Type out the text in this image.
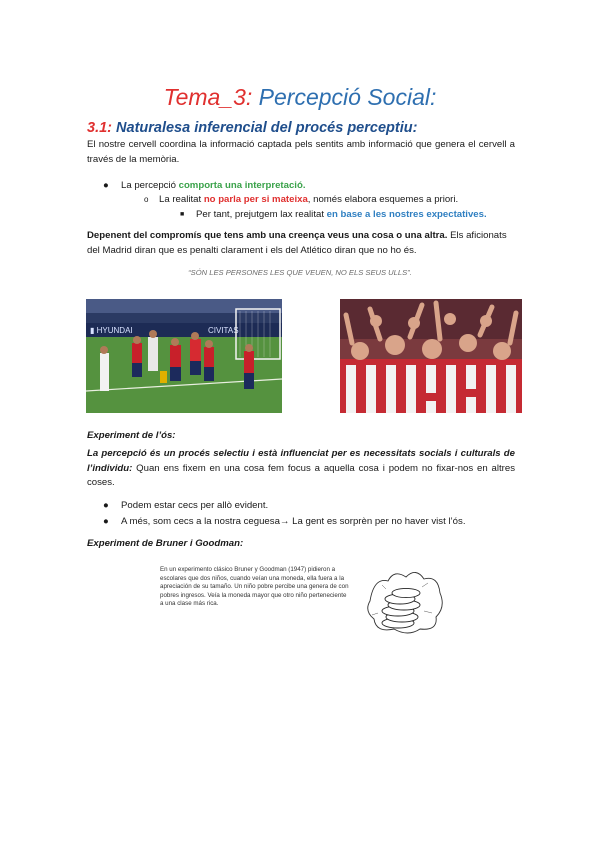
Tema_3: Percepció Social:
3.1: Naturalesa inferencial del procés perceptiu:
El nostre cervell coordina la informació captada pels sentits amb informació que genera el cervell a través de la memòria.
● La percepció comporta una interpretació.
o La realitat no parla per si mateixa, només elabora esquemes a priori.
■ Per tant, prejutgem lax realitat en base a les nostres expectatives.
Depenent del compromís que tens amb una creença veus una cosa o una altra. Els aficionats del Madrid diran que es penalti clarament i els del Atlético diran que no ho és.
“SÓN LES PERSONES LES QUE VEUEN, NO ELS SEUS ULLS”.
▮ HYUNDAI	CIVITAS
Experiment de l’ós:
La percepció és un procés selectiu i està influenciat per es necessitats socials i culturals de l’individu: Quan ens fixem en una cosa fem focus a aquella cosa i podem no fixar-nos en altres coses.
● Podem estar cecs per allò evident.
● A més, som cecs a la nostra ceguesa→ La gent es sorprèn per no haver vist l’ós.
Experiment de Bruner i Goodman:
En un experimento clásico Bruner y Goodman (1947) pidieron a escolares que dos niños, cuando veían una moneda, ella fuera a la apreciación de su tamaño. Un niño pobre percibe una genera de con pobres ingresos. Veía la moneda mayor que otro niño perteneciente a una clase más rica.
